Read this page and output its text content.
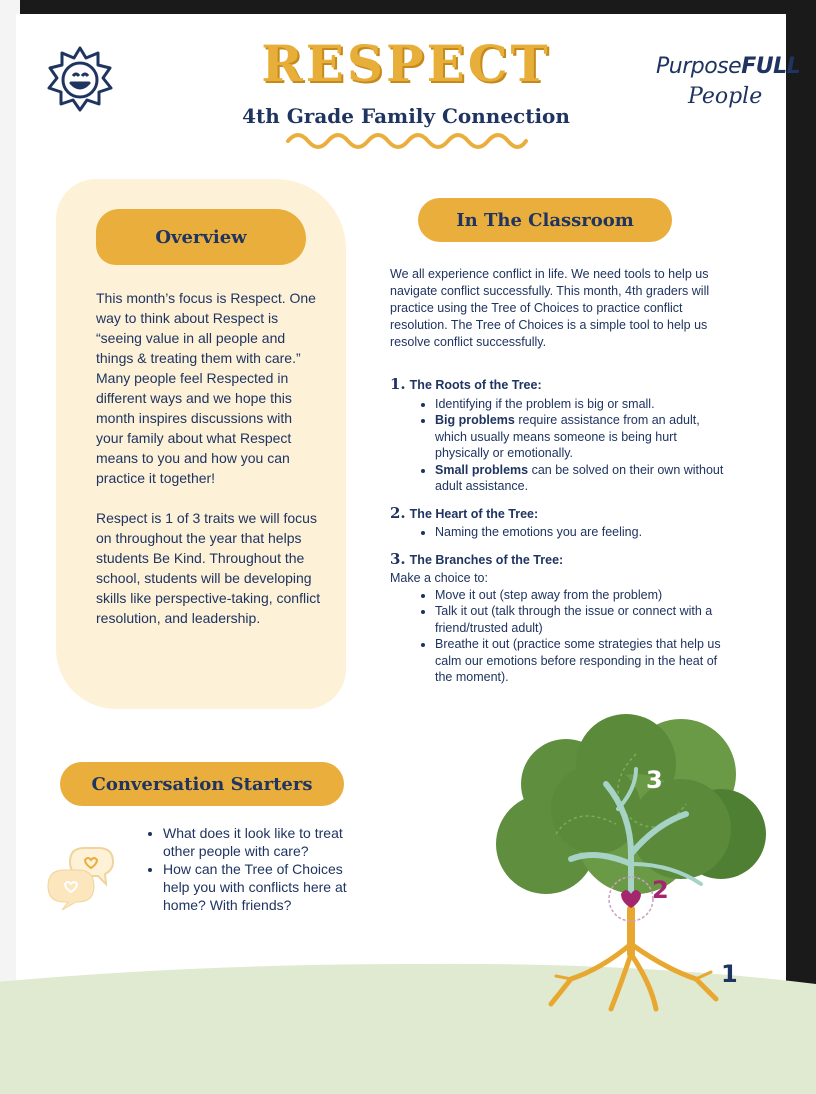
RESPECT
4th Grade Family Connection
PurposeFULL
People
Overview

This month’s focus is Respect. One way to think about Respect is “seeing value in all people and things & treating them with care.” Many people feel Respected in different ways and we hope this month inspires discussions with your family about what Respect means to you and how you can practice it together!

Respect is 1 of 3 traits we will focus on throughout the year that helps students Be Kind. Throughout the school, students will be developing skills like perspective-taking, conflict resolution, and leadership.

In The Classroom
We all experience conflict in life. We need tools to help us navigate conflict successfully. This month, 4th graders will practice using the Tree of Choices to practice conflict resolution. The Tree of Choices is a simple tool to help us resolve conflict successfully.
1. The Roots of the Tree:
• Identifying if the problem is big or small.
• Big problems require assistance from an adult, which usually means someone is being hurt physically or emotionally.
• Small problems can be solved on their own without adult assistance.
2. The Heart of the Tree:
• Naming the emotions you are feeling.
3. The Branches of the Tree:

Make a choice to:

• Move it out (step away from the problem)
• Talk it out (talk through the issue or connect with a friend/trusted adult)
• Breathe it out (practice some strategies that help us calm our emotions before responding in the heat of the moment).
Conversation Starters
• What does it look like to treat other people with care?
• How can the Tree of Choices help you with conflicts here at home? With friends?
3
2
1
